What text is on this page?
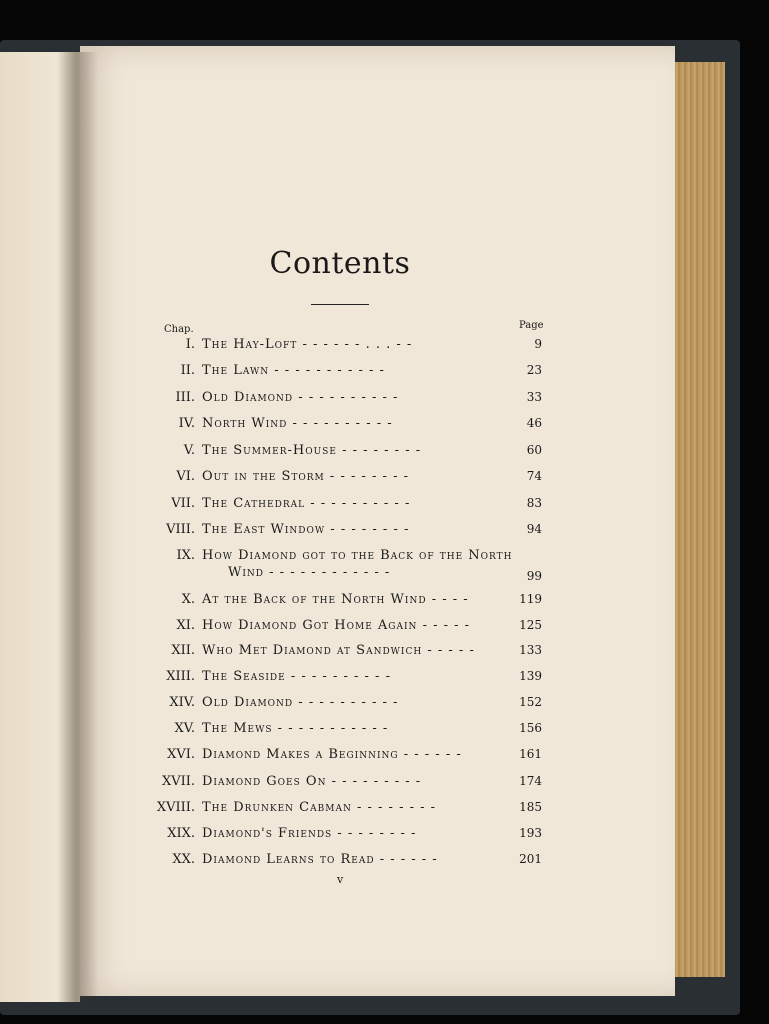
Contents
Chap.	Page
I. The Hay-Loft - - - - - - . . . - -	9
II. The Lawn - - - - - - - - - - -	23
III. Old Diamond - - - - - - - - - -	33
IV. North Wind - - - - - - - - - -	46
V. The Summer-House - - - - - - - -	60
VI. Out in the Storm - - - - - - - -	74
VII. The Cathedral - - - - - - - - - -	83
VIII. The East Window - - - - - - - -	94
IX. How Diamond got to the Back of the North
Wind - - - - - - - - - - - -	99
X. At the Back of the North Wind - - - -	119
XI. How Diamond Got Home Again - - - - -	125
XII. Who Met Diamond at Sandwich - - - - -	133
XIII. The Seaside - - - - - - - - - -	139
XIV. Old Diamond - - - - - - - - - -	152
XV. The Mews - - - - - - - - - - -	156
XVI. Diamond Makes a Beginning - - - - - -	161
XVII. Diamond Goes On - - - - - - - - -	174
XVIII. The Drunken Cabman - - - - - - - -	185
XIX. Diamond's Friends - - - - - - - -	193
XX. Diamond Learns to Read - - - - - -	201
v
